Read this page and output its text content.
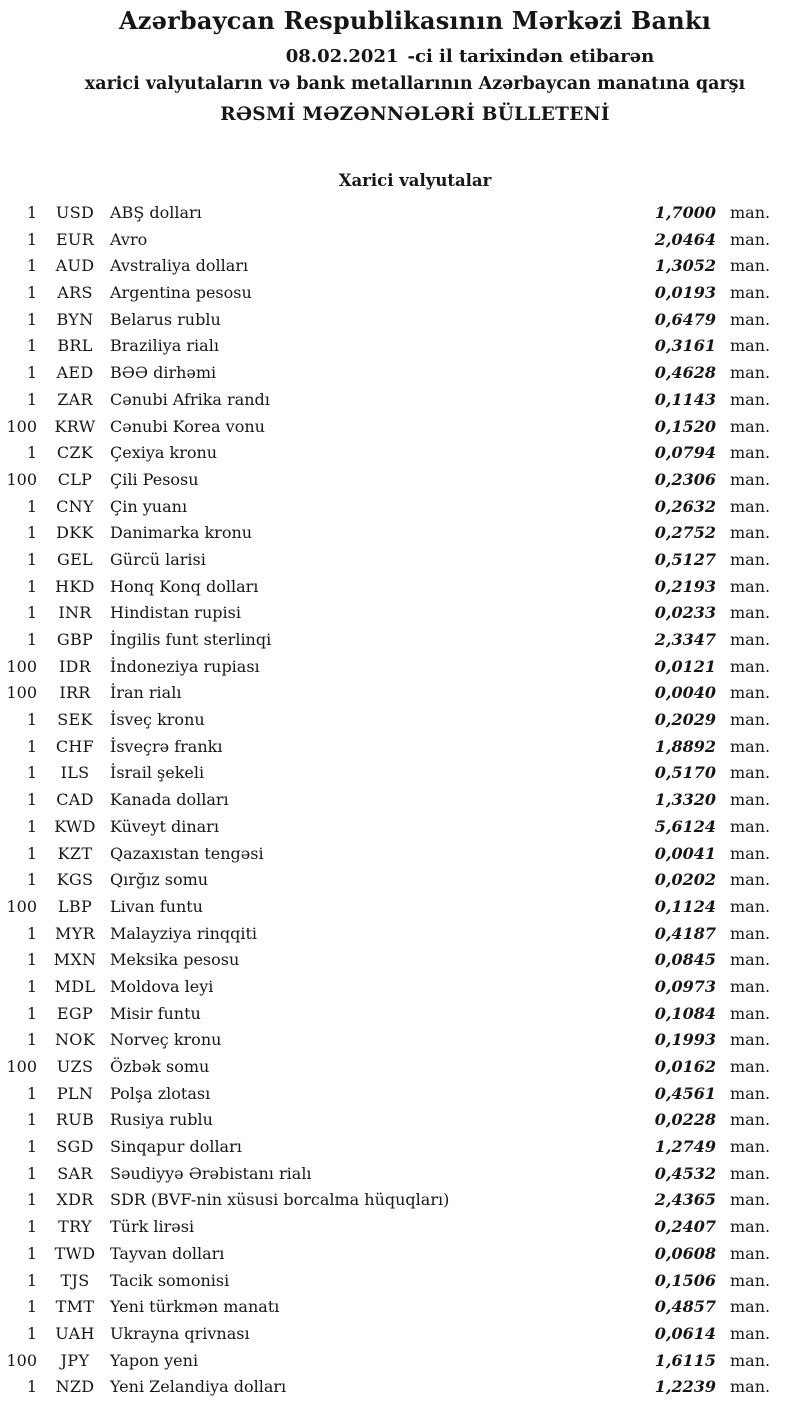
Azərbaycan Respublikasının Mərkəzi Bankı
08.02.2021 -ci il tarixindən etibarən
xarici valyutaların və bank metallarının Azərbaycan manatına qarşı
RƏSMİ MƏZƏNNƏLƏRİ BÜLLETENİ
Xarici valyutalar
1	USD ABŞ dolları	1,7000 man.
1	EUR Avro	2,0464 man.
1	AUD Avstraliya dolları	1,3052 man.
1	ARS	Argentina pesosu	0,0193 man.
1	BYN	Belarus rublu	0,6479 man.
1	BRL	Braziliya rialı	0,3161 man.
1	AED	BƏƏ dirhəmi	0,4628 man.
1	ZAR	Cənubi Afrika randı	0,1143 man.
100	KRW Cənubi Korea vonu	0,1520 man.
1	CZK	Çexiya kronu	0,0794 man.
100	CLP	Çili Pesosu	0,2306 man.
1	CNY	Çin yuanı	0,2632 man.
1	DKK	Danimarka kronu	0,2752 man.
1	GEL	Gürcü larisi	0,5127 man.
1	HKD Honq Konq dolları	0,2193 man.
1	INR	Hindistan rupisi	0,0233 man.
1	GBP	İngilis funt sterlinqi	2,3347 man.
100	IDR	İndoneziya rupiası	0,0121 man.
100	IRR	İran rialı	0,0040 man.
1	SEK	İsveç kronu	0,2029 man.
1	CHF İsveçrə frankı	1,8892 man.
1	ILS	İsrail şekeli	0,5170 man.
1	CAD	Kanada dolları	1,3320 man.
1	KWD Küveyt dinarı	5,6124 man.
1	KZT	Qazaxıstan tengəsi	0,0041 man.
1	KGS	Qırğız somu	0,0202 man.
100	LBP	Livan funtu	0,1124 man.
1	MYR Malayziya rinqqiti	0,4187 man.
1	MXN Meksika pesosu	0,0845 man.
1	MDL Moldova leyi	0,0973 man.
1	EGP	Misir funtu	0,1084 man.
1	NOK Norveç kronu	0,1993 man.
100	UZS	Özbək somu	0,0162 man.
1	PLN	Polşa zlotası	0,4561 man.
1	RUB Rusiya rublu	0,0228 man.
1	SGD	Sinqapur dolları	1,2749 man.
1	SAR	Səudiyyə Ərəbistanı rialı	0,4532 man.
1	XDR	SDR (BVF-nin xüsusi borcalma hüquqları)	2,4365 man.
1	TRY	Türk lirəsi	0,2407 man.
1	TWD Tayvan dolları	0,0608 man.
1	TJS	Tacik somonisi	0,1506 man.
1	TMT Yeni türkmən manatı	0,4857 man.
1	UAH Ukrayna qrivnası	0,0614 man.
100	JPY	Yapon yeni	1,6115 man.
1	NZD Yeni Zelandiya dolları	1,2239 man.
